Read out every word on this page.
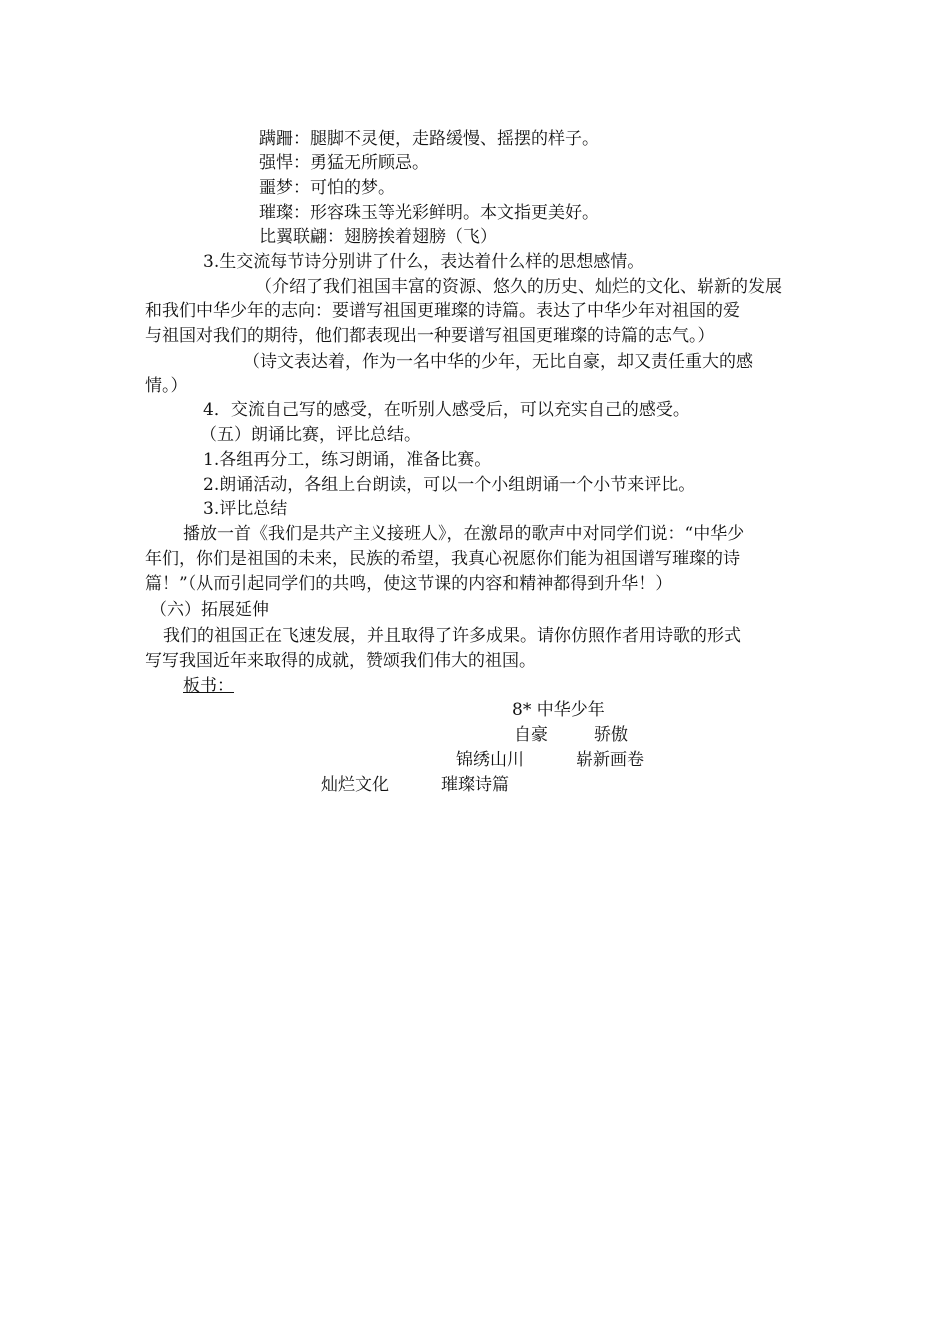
蹒跚：腿脚不灵便，走路缓慢、摇摆的样子。
强悍：勇猛无所顾忌。
噩梦：可怕的梦。
璀璨：形容珠玉等光彩鲜明。本文指更美好。
比翼联翩：翅膀挨着翅膀（飞）
3.生交流每节诗分别讲了什么，表达着什么样的思想感情。
（介绍了我们祖国丰富的资源、悠久的历史、灿烂的文化、崭新的发展
和我们中华少年的志向：要谱写祖国更璀璨的诗篇。表达了中华少年对祖国的爱
与祖国对我们的期待，他们都表现出一种要谱写祖国更璀璨的诗篇的志气。）
（诗文表达着，作为一名中华的少年，无比自豪，却又责任重大的感
情。）
4．交流自己写的感受，在听别人感受后，可以充实自己的感受。
（五）朗诵比赛，评比总结。
1.各组再分工，练习朗诵，准备比赛。
2.朗诵活动，各组上台朗读，可以一个小组朗诵一个小节来评比。
3.评比总结
播放一首《我们是共产主义接班人》，在激昂的歌声中对同学们说：“中华少
年们，你们是祖国的未来，民族的希望，我真心祝愿你们能为祖国谱写璀璨的诗
篇！”（从而引起同学们的共鸣，使这节课的内容和精神都得到升华！）
（六）拓展延伸
我们的祖国正在飞速发展，并且取得了许多成果。请你仿照作者用诗歌的形式
写写我国近年来取得的成就，赞颂我们伟大的祖国。
板书：
8* 中华少年
自豪	骄傲
锦绣山川	崭新画卷
灿烂文化	璀璨诗篇
